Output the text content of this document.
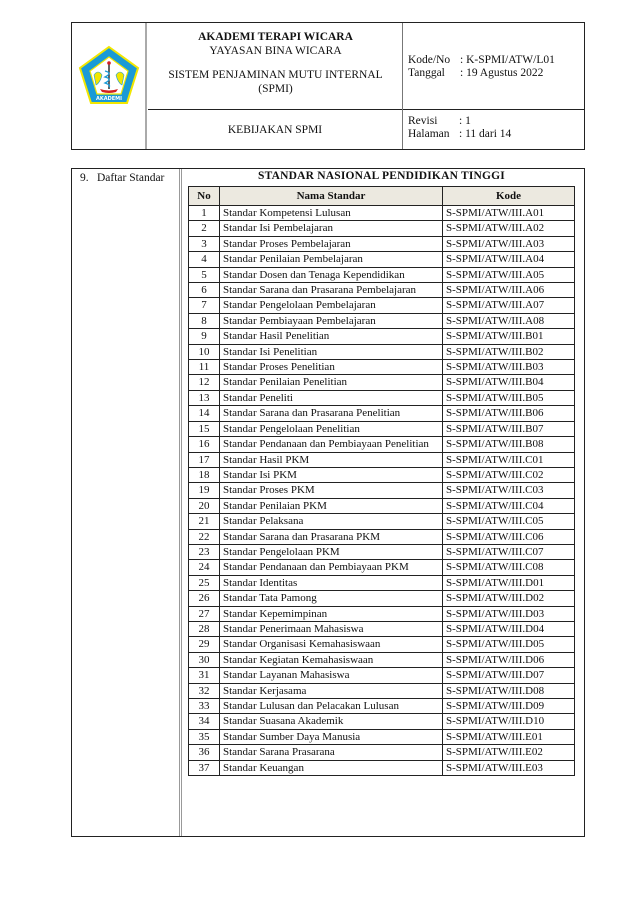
AKADEMI
AKADEMI TERAPI WICARA
YAYASAN BINA WICARA
SISTEM PENJAMINAN MUTU INTERNAL
(SPMI)
KEBIJAKAN SPMI
Kode/No : K-SPMI/ATW/L01
Tanggal	: 19 Agustus 2022
Revisi	: 1
Halaman : 11 dari 14
9. Daftar Standar	STANDAR NASIONAL PENDIDIKAN TINGGI
No	Nama Standar	Kode
1	Standar Kompetensi Lulusan	S-SPMI/ATW/III.A01
2	Standar Isi Pembelajaran	S-SPMI/ATW/III.A02
3	Standar Proses Pembelajaran	S-SPMI/ATW/III.A03
4	Standar Penilaian Pembelajaran	S-SPMI/ATW/III.A04
5	Standar Dosen dan Tenaga Kependidikan	S-SPMI/ATW/III.A05
6	Standar Sarana dan Prasarana Pembelajaran	S-SPMI/ATW/III.A06
7	Standar Pengelolaan Pembelajaran	S-SPMI/ATW/III.A07
8	Standar Pembiayaan Pembelajaran	S-SPMI/ATW/III.A08
9	Standar Hasil Penelitian	S-SPMI/ATW/III.B01
10	Standar Isi Penelitian	S-SPMI/ATW/III.B02
11	Standar Proses Penelitian	S-SPMI/ATW/III.B03
12	Standar Penilaian Penelitian	S-SPMI/ATW/III.B04
13	Standar Peneliti	S-SPMI/ATW/III.B05
14	Standar Sarana dan Prasarana Penelitian	S-SPMI/ATW/III.B06
15	Standar Pengelolaan Penelitian	S-SPMI/ATW/III.B07
16	Standar Pendanaan dan Pembiayaan Penelitian	S-SPMI/ATW/III.B08
17	Standar Hasil PKM	S-SPMI/ATW/III.C01
18	Standar Isi PKM	S-SPMI/ATW/III.C02
19	Standar Proses PKM	S-SPMI/ATW/III.C03
20	Standar Penilaian PKM	S-SPMI/ATW/III.C04
21	Standar Pelaksana	S-SPMI/ATW/III.C05
22	Standar Sarana dan Prasarana PKM	S-SPMI/ATW/III.C06
23	Standar Pengelolaan PKM	S-SPMI/ATW/III.C07
24	Standar Pendanaan dan Pembiayaan PKM	S-SPMI/ATW/III.C08
25	Standar Identitas	S-SPMI/ATW/III.D01
26	Standar Tata Pamong	S-SPMI/ATW/III.D02
27	Standar Kepemimpinan	S-SPMI/ATW/III.D03
28	Standar Penerimaan Mahasiswa	S-SPMI/ATW/III.D04
29	Standar Organisasi Kemahasiswaan	S-SPMI/ATW/III.D05
30	Standar Kegiatan Kemahasiswaan	S-SPMI/ATW/III.D06
31	Standar Layanan Mahasiswa	S-SPMI/ATW/III.D07
32	Standar Kerjasama	S-SPMI/ATW/III.D08
33	Standar Lulusan dan Pelacakan Lulusan	S-SPMI/ATW/III.D09
34	Standar Suasana Akademik	S-SPMI/ATW/III.D10
35	Standar Sumber Daya Manusia	S-SPMI/ATW/III.E01
36	Standar Sarana Prasarana	S-SPMI/ATW/III.E02
37	Standar Keuangan	S-SPMI/ATW/III.E03
